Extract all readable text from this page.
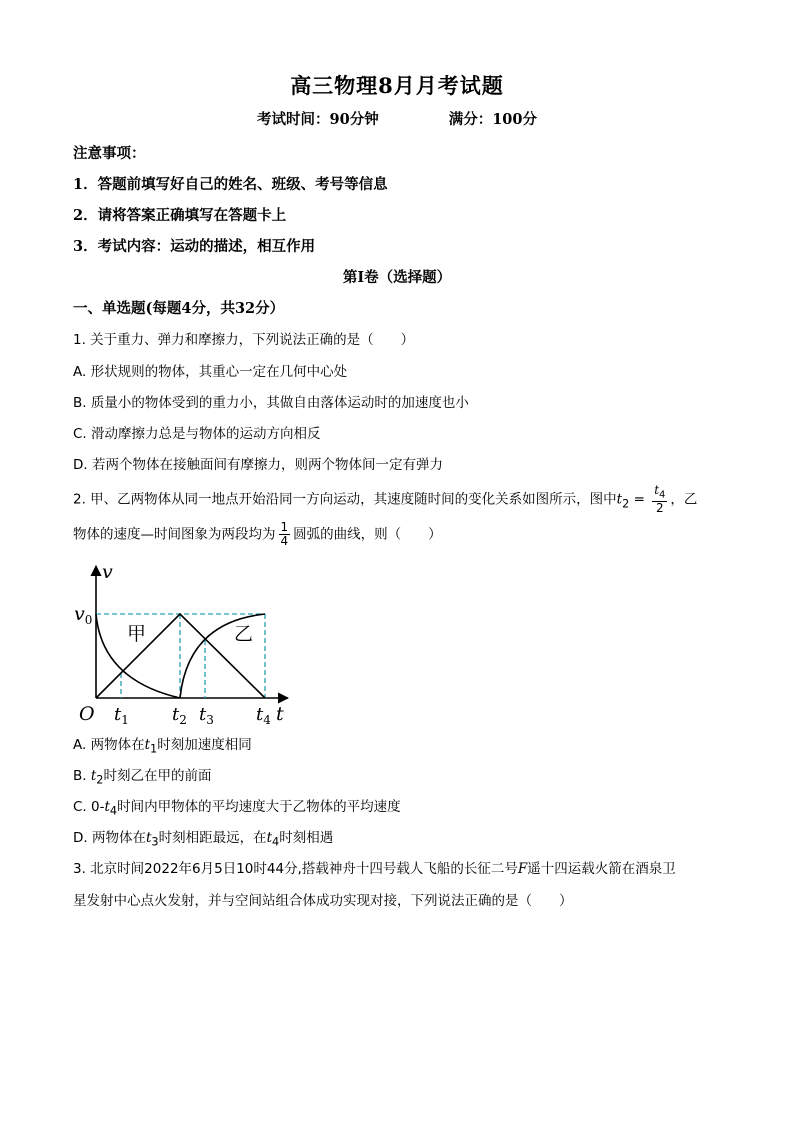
高三物理8月月考试题
考试时间：90分钟	满分：100分
注意事项：
1．答题前填写好自己的姓名、班级、考号等信息
2．请将答案正确填写在答题卡上
3．考试内容：运动的描述，相互作用
第I卷（选择题）
一、单选题(每题4分，共32分）
1. 关于重力、弹力和摩擦力，下列说法正确的是（　　）
A. 形状规则的物体，其重心一定在几何中心处
B. 质量小的物体受到的重力小，其做自由落体运动时的加速度也小
C. 滑动摩擦力总是与物体的运动方向相反
D. 若两个物体在接触面间有摩擦力，则两个物体间一定有弹力
2. 甲、乙两物体从同一地点开始沿同一方向运动，其速度随时间的变化关系如图所示，图中$t_2 = \frac{t_4}{2}$ ，乙
物体的速度—时间图象为两段均为 $\frac{1}{4}$ 圆弧的曲线，则（　　）
v
$v_0$
甲	乙
O $t_1$ $t_2$ $t_3$ $t_4$ t
A. 两物体在$t_1$时刻加速度相同
B. $t_2$时刻乙在甲的前面
C. $0-t_4$时间内甲物体的平均速度大于乙物体的平均速度
D. 两物体在$t_3$时刻相距最远，在$t_4$时刻相遇
3. 北京时间2022年6月5日10时44分,搭载神舟十四号载人飞船的长征二号F遥十四运载火箭在酒泉卫
星发射中心点火发射，并与空间站组合体成功实现对接，下列说法正确的是（　　）
